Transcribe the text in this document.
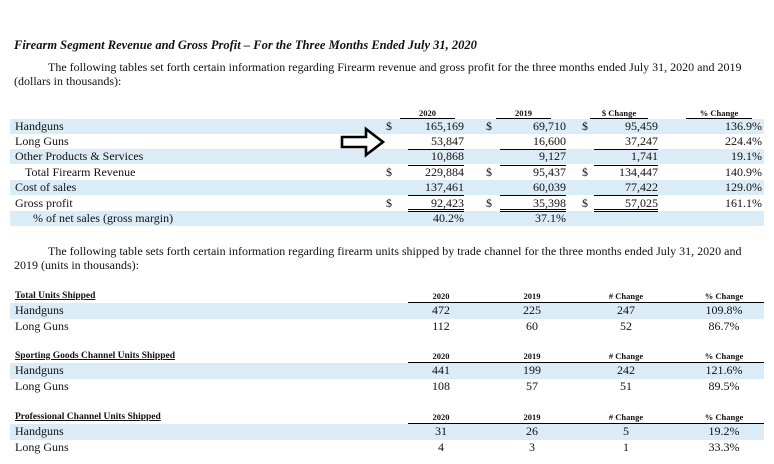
Firearm Segment Revenue and Gross Profit – For the Three Months Ended July 31, 2020
The following tables set forth certain information regarding Firearm revenue and gross profit for the three months ended July 31, 2020 and 2019
(dollars in thousands):
2020	2019	$ Change	% Change
Handguns	$	165,169 $	69,710 $	95,459	136.9%
Long Guns	53,847	16,600	37,247	224.4%
Other Products & Services	10,868	9,127	1,741	19.1%
Total Firearm Revenue	$	229,884 $	95,437 $	134,447	140.9%
Cost of sales	137,461	60,039	77,422	129.0%
Gross profit	$	92,423 $	35,398 $	57,025	161.1%
% of net sales (gross margin)	40.2%	37.1%
The following table sets forth certain information regarding firearm units shipped by trade channel for the three months ended July 31, 2020 and
2019 (units in thousands):
Total Units Shipped	2020	2019	# Change	% Change
Handguns	472	225	247	109.8%
Long Guns	112	60	52	86.7%
Sporting Goods Channel Units Shipped	2020	2019	# Change	% Change
Handguns	441	199	242	121.6%
Long Guns	108	57	51	89.5%
Professional Channel Units Shipped	2020	2019	# Change	% Change
Handguns	31	26	5	19.2%
Long Guns	4	3	1	33.3%
